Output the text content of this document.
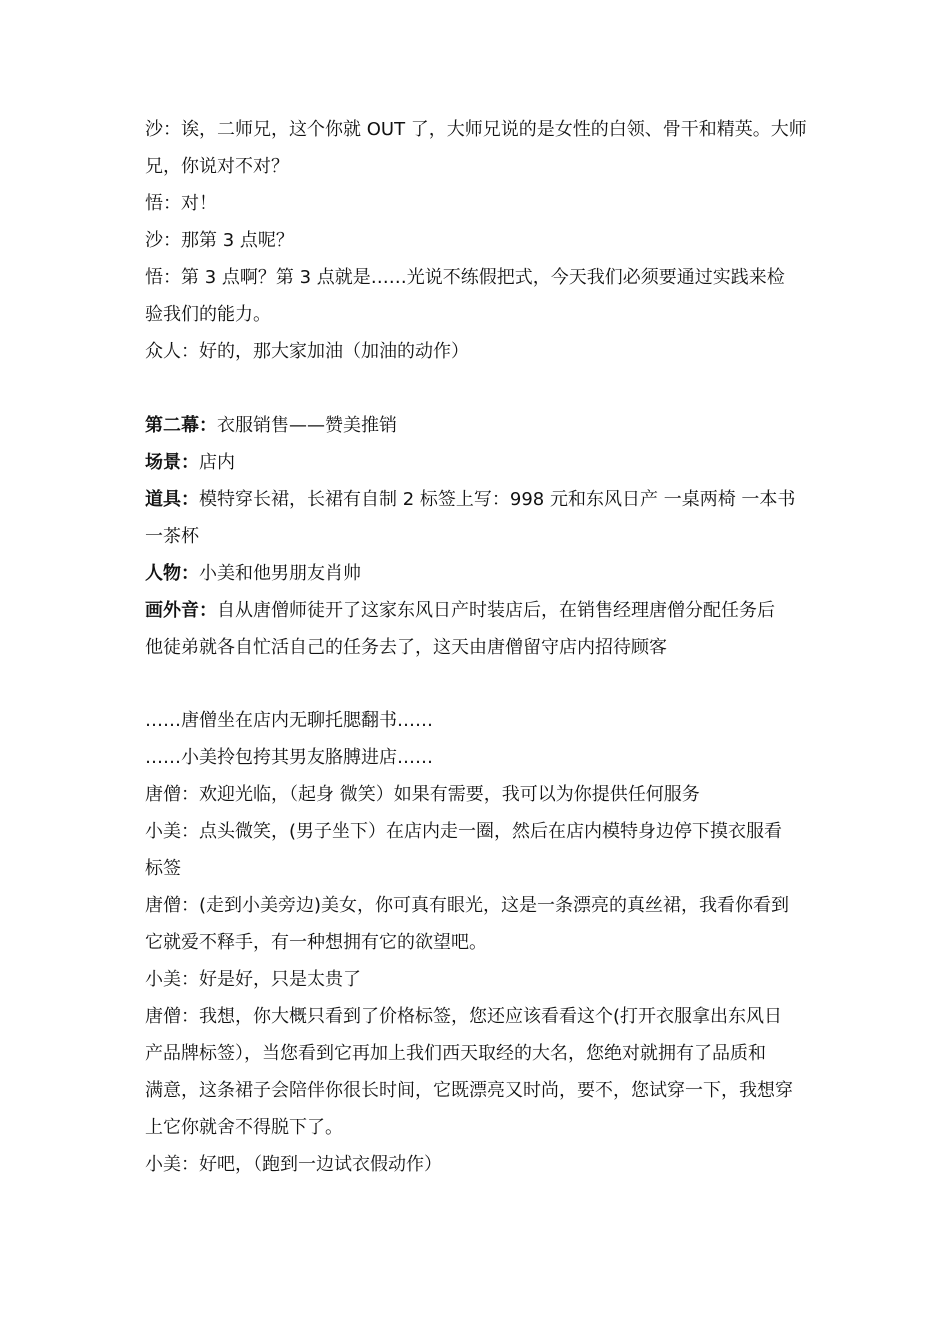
沙：诶，二师兄，这个你就 OUT 了，大师兄说的是女性的白领、骨干和精英。大师
兄，你说对不对？
悟：对！
沙：那第 3 点呢？
悟：第 3 点啊？第 3 点就是……光说不练假把式，今天我们必须要通过实践来检
验我们的能力。
众人：好的，那大家加油（加油的动作）
第二幕：衣服销售——赞美推销
场景：店内
道具：模特穿长裙，长裙有自制 2 标签上写：998 元和东风日产 一桌两椅 一本书
一茶杯
人物：小美和他男朋友肖帅
画外音：自从唐僧师徒开了这家东风日产时装店后，在销售经理唐僧分配任务后
他徒弟就各自忙活自己的任务去了，这天由唐僧留守店内招待顾客
……唐僧坐在店内无聊托腮翻书……
……小美拎包挎其男友胳膊进店……
唐僧：欢迎光临，（起身 微笑）如果有需要，我可以为你提供任何服务
小美：点头微笑，(男子坐下）在店内走一圈，然后在店内模特身边停下摸衣服看
标签
唐僧：(走到小美旁边)美女，你可真有眼光，这是一条漂亮的真丝裙，我看你看到
它就爱不释手，有一种想拥有它的欲望吧。
小美：好是好，只是太贵了
唐僧：我想，你大概只看到了价格标签，您还应该看看这个(打开衣服拿出东风日
产品牌标签），当您看到它再加上我们西天取经的大名，您绝对就拥有了品质和
满意，这条裙子会陪伴你很长时间，它既漂亮又时尚，要不，您试穿一下，我想穿
上它你就舍不得脱下了。
小美：好吧，（跑到一边试衣假动作）
